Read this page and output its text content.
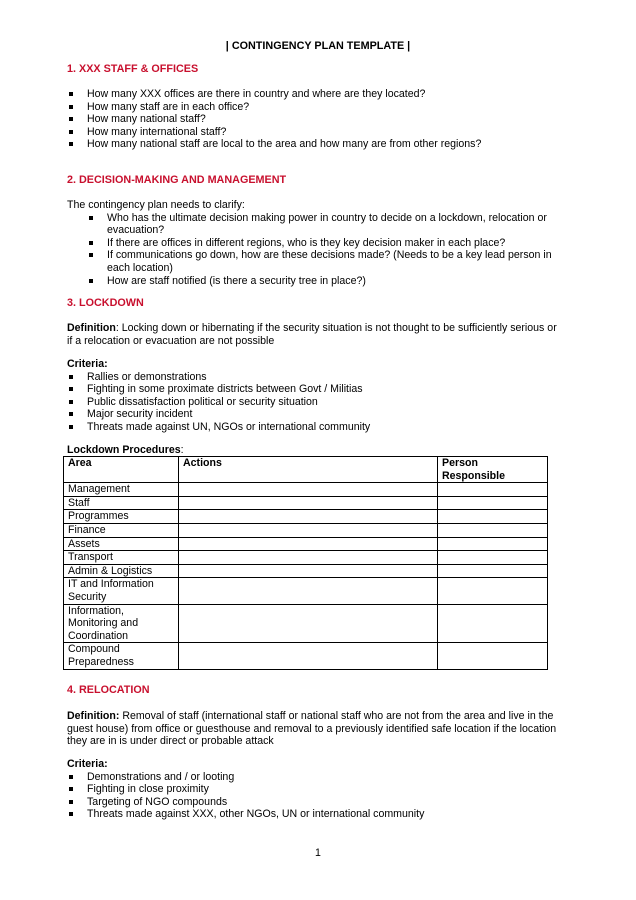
| CONTINGENCY PLAN TEMPLATE |
1. XXX STAFF & OFFICES
How many XXX offices are there in country and where are they located?
How many staff are in each office?
How many national staff?
How many international staff?
How many national staff are local to the area and how many are from other regions?
2. DECISION-MAKING AND MANAGEMENT

The contingency plan needs to clarify:

Who has the ultimate decision making power in country to decide on a lockdown, relocation or evacuation?
If there are offices in different regions, who is they key decision maker in each place?
If communications go down, how are these decisions made? (Needs to be a key lead person in each location)
How are staff notified (is there a security tree in place?)
3. LOCKDOWN

Definition: Locking down or hibernating if the security situation is not thought to be sufficiently serious or if a relocation or evacuation are not possible

Criteria:

Rallies or demonstrations
Fighting in some proximate districts between Govt / Militias
Public dissatisfaction political or security situation
Major security incident
Threats made against UN, NGOs or international community

Lockdown Procedures:

Area	Actions	Person Responsible
Management		
Staff		
Programmes		
Finance		
Assets		
Transport		
Admin & Logistics		
IT and Information Security		
Information, Monitoring and Coordination		
Compound Preparedness		
4. RELOCATION

Definition: Removal of staff (international staff or national staff who are not from the area and live in the guest house) from office or guesthouse and removal to a previously identified safe location if the location they are in is under direct or probable attack

Criteria:

Demonstrations and / or looting
Fighting in close proximity
Targeting of NGO compounds
Threats made against XXX, other NGOs, UN or international community
1
